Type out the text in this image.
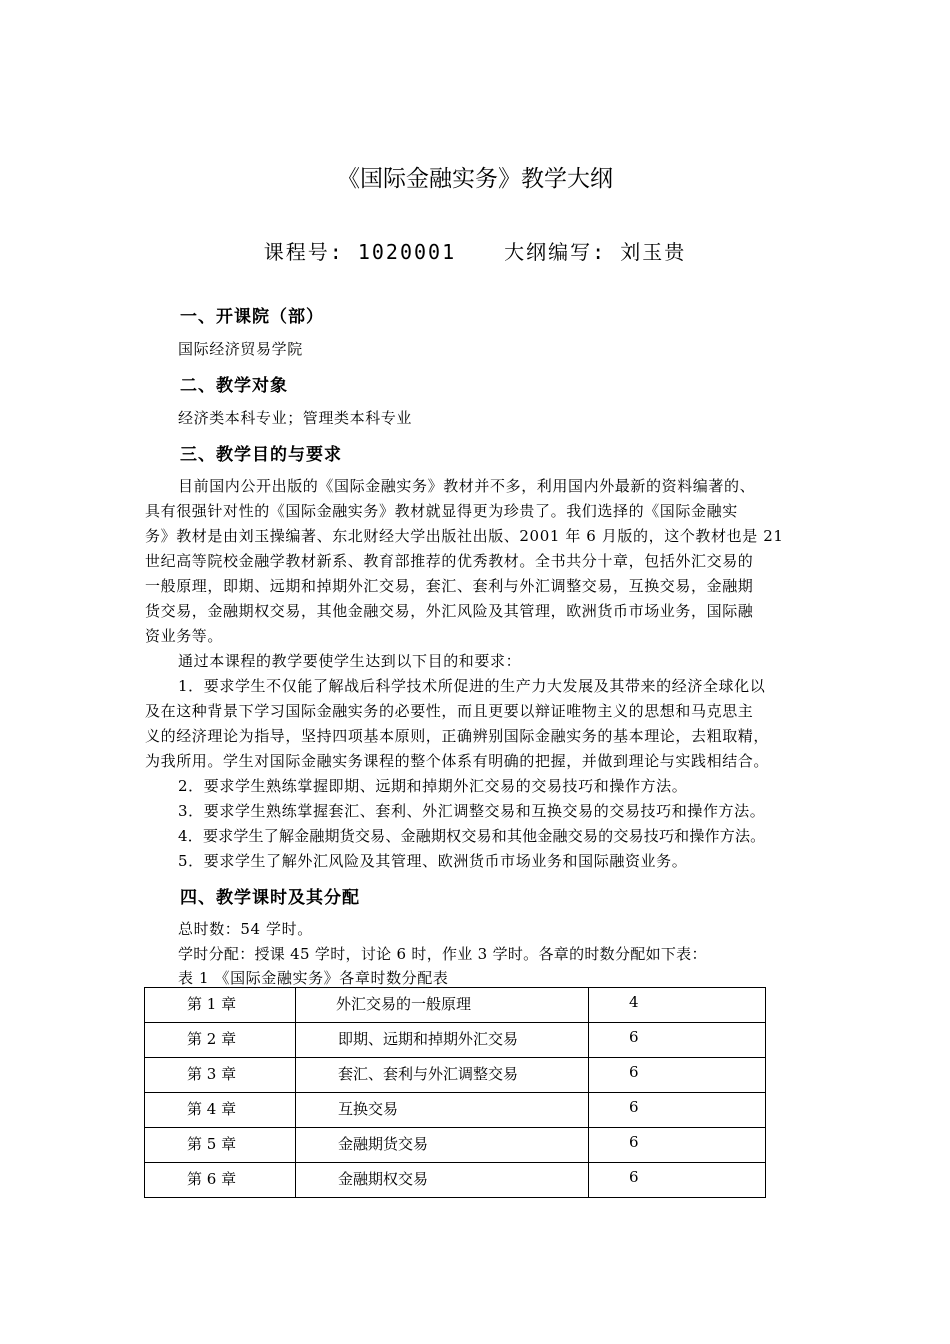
《国际金融实务》教学大纲
课程号: 1020001 大纲编写: 刘玉贵
一、开课院（部）
国际经济贸易学院
二、教学对象
经济类本科专业；管理类本科专业
三、教学目的与要求
目前国内公开出版的《国际金融实务》教材并不多，利用国内外最新的资料编著的、
具有很强针对性的《国际金融实务》教材就显得更为珍贵了。我们选择的《国际金融实
务》教材是由刘玉操编著、东北财经大学出版社出版、2001 年 6 月版的，这个教材也是 21
世纪高等院校金融学教材新系、教育部推荐的优秀教材。全书共分十章，包括外汇交易的
一般原理，即期、远期和掉期外汇交易，套汇、套利与外汇调整交易，互换交易，金融期
货交易，金融期权交易，其他金融交易，外汇风险及其管理，欧洲货币市场业务，国际融
资业务等。
通过本课程的教学要使学生达到以下目的和要求：
1．要求学生不仅能了解战后科学技术所促进的生产力大发展及其带来的经济全球化以
及在这种背景下学习国际金融实务的必要性，而且更要以辩证唯物主义的思想和马克思主
义的经济理论为指导，坚持四项基本原则，正确辨别国际金融实务的基本理论，去粗取精，
为我所用。学生对国际金融实务课程的整个体系有明确的把握，并做到理论与实践相结合。
2．要求学生熟练掌握即期、远期和掉期外汇交易的交易技巧和操作方法。
3．要求学生熟练掌握套汇、套利、外汇调整交易和互换交易的交易技巧和操作方法。
4．要求学生了解金融期货交易、金融期权交易和其他金融交易的交易技巧和操作方法。
5．要求学生了解外汇风险及其管理、欧洲货币市场业务和国际融资业务。
四、教学课时及其分配
总时数：54 学时。
学时分配：授课 45 学时，讨论 6 时，作业 3 学时。各章的时数分配如下表：
表 1 《国际金融实务》各章时数分配表
第 1 章	外汇交易的一般原理	4

第 2 章	即期、远期和掉期外汇交易	6

第 3 章	套汇、套利与外汇调整交易	6

第 4 章	互换交易	6

第 5 章	金融期货交易	6

第 6 章	金融期权交易	6
